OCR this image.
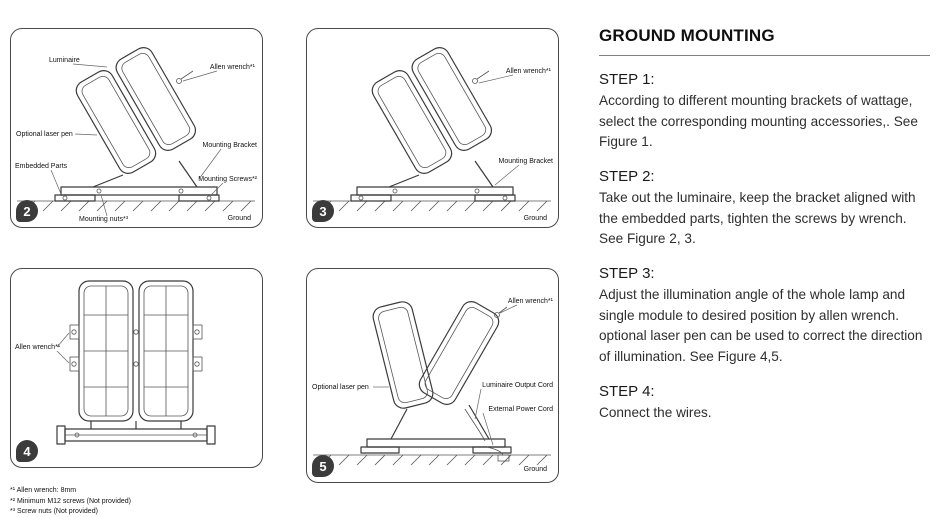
Luminaire
Allen wrench*¹
Optional laser pen
Embedded Parts
Mounting Bracket
Mounting Screws*²
Mounting nuts*³	Ground
2
Allen wrench*¹
Mounting Bracket
Ground
3
Allen wrench*¹
4
Allen wrench*¹
Optional laser pen	Luminaire Output Cord
External Power Cord
Ground
5
GROUND MOUNTING
STEP 1:
According to different mounting brackets of wattage, select the corresponding mounting accessories,. See Figure 1.
STEP 2:
Take out the luminaire, keep the bracket aligned with the embedded parts, tighten the screws by wrench. See Figure 2, 3.
STEP 3:
Adjust the illumination angle of the whole lamp and single module to desired position by allen wrench. optional laser pen can be used to correct the direction of illumination. See Figure 4,5.
STEP 4:
Connect the wires.
*¹ Allen wrench: 8mm
*² Minimum M12 screws (Not provided)
*³ Screw nuts (Not provided)
